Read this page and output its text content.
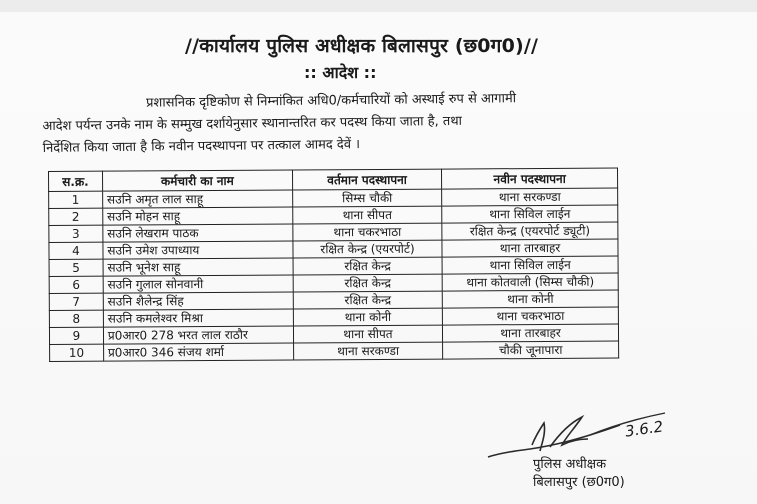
//कार्यालय पुलिस अधीक्षक बिलासपुर (छ0ग0)//
:: आदेश ::
प्रशासनिक दृष्टिकोण से निम्नांकित अधि0/कर्मचारियों को अस्थाई रुप से आगामी
आदेश पर्यन्त उनके नाम के सम्मुख दर्शायेनुसार स्थानान्तरित कर पदस्थ किया जाता है, तथा
निर्देशित किया जाता है कि नवीन पदस्थापना पर तत्काल आमद देवें ।
स.क्र.	कर्मचारी का नाम	वर्तमान पदस्थापना	नवीन पदस्थापना
1	सउनि अमृत लाल साहू	सिम्स चौकी	थाना सरकण्डा
2	सउनि मोहन साहू	थाना सीपत	थाना सिविल लाईन
3	सउनि लेखराम पाठक	थाना चकरभाठा	रक्षित केन्द्र (एयरपोर्ट ड्यूटी)
4	सउनि उमेश उपाध्याय	रक्षित केन्द्र (एयरपोर्ट)	थाना तारबाहर
5	सउनि भूनेश साहू	रक्षित केन्द्र	थाना सिविल लाईन
6	सउनि गुलाल सोनवानी	रक्षित केन्द्र	थाना कोतवाली (सिम्स चौकी)
7	सउनि शैलेन्द्र सिंह	रक्षित केन्द्र	थाना कोनी
8	सउनि कमलेश्वर मिश्रा	थाना कोनी	थाना चकरभाठा
9	प्र0आर0 278 भरत लाल राठौर	थाना सीपत	थाना तारबाहर
10	प्र0आर0 346 संजय शर्मा	थाना सरकण्डा	चौकी जूनापारा
3.6.2
पुलिस अधीक्षक
बिलासपुर (छ0ग0)
